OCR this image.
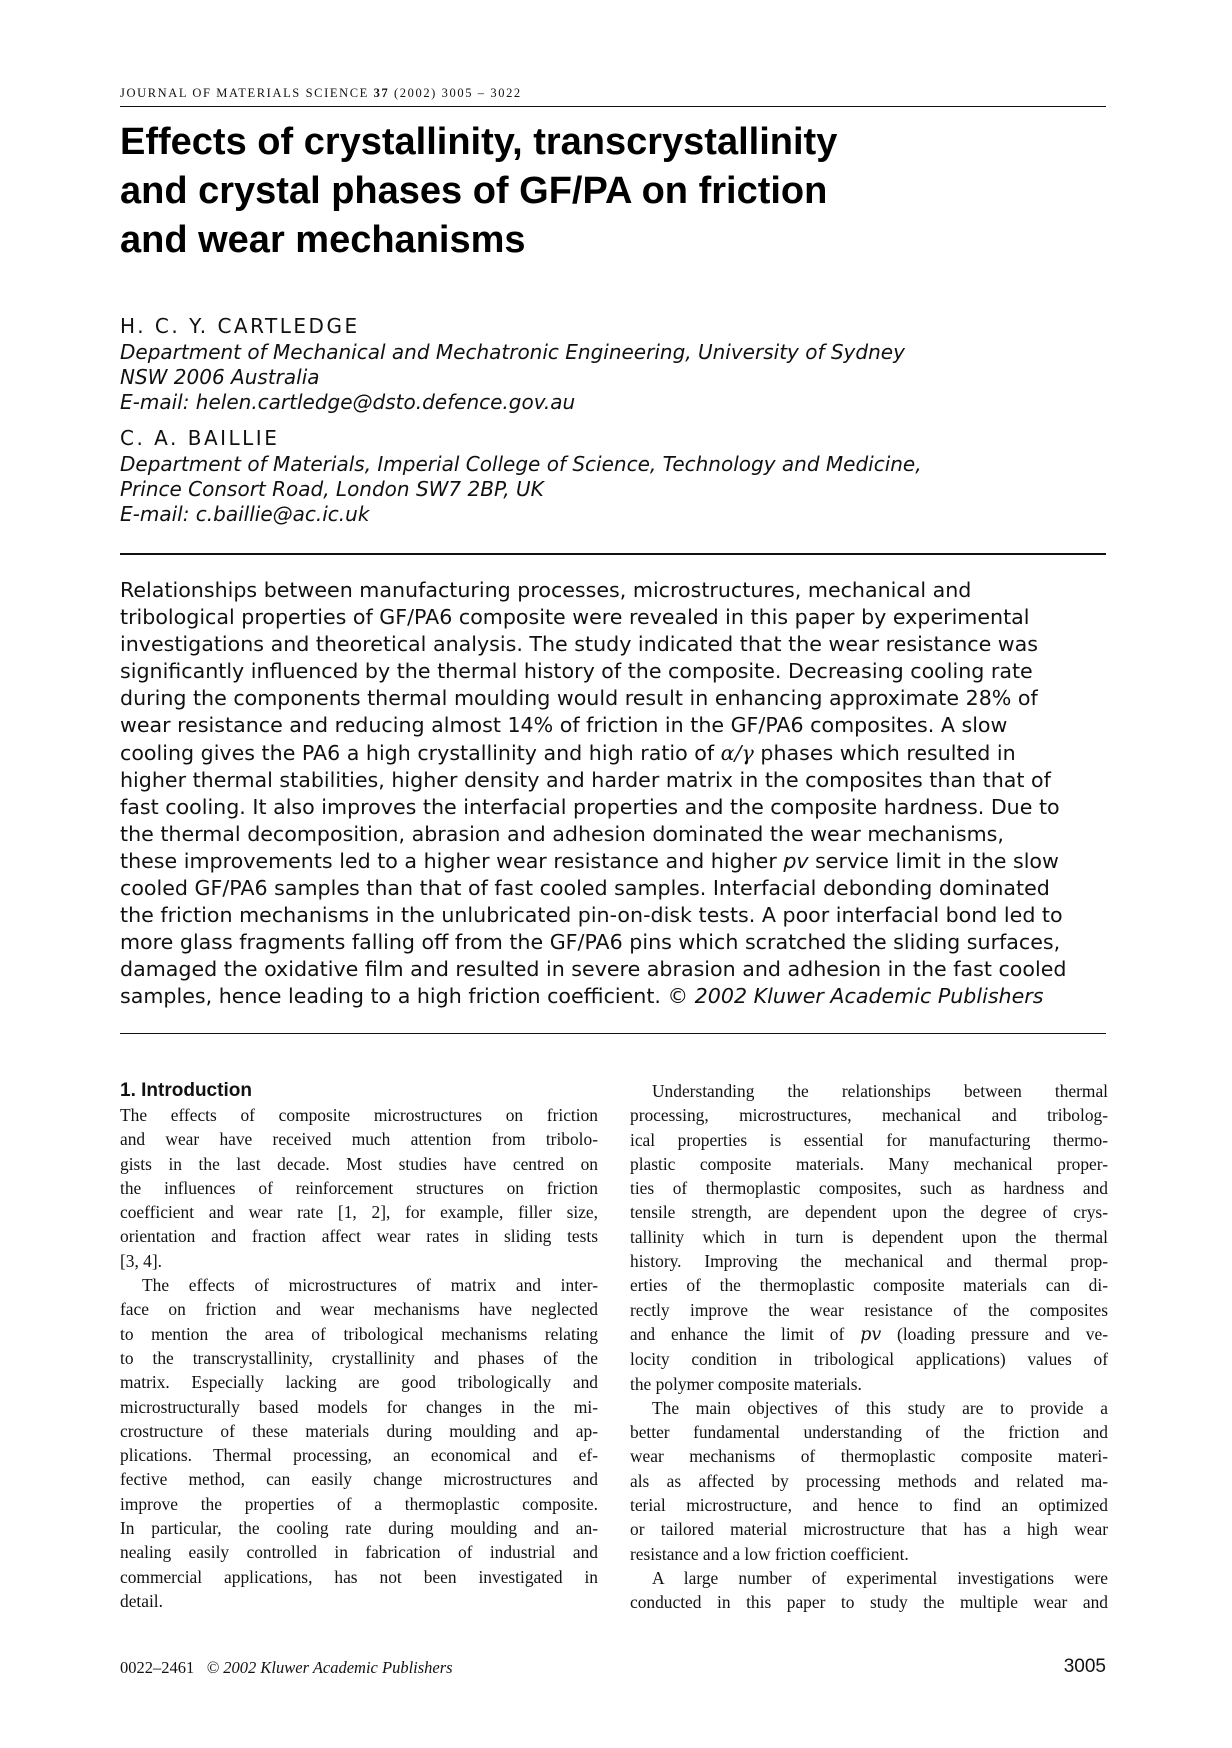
JOURNAL OF MATERIALS SCIENCE 37 (2002) 3005 – 3022
Effects of crystallinity, transcrystallinity
and crystal phases of GF/PA on friction
and wear mechanisms
H. C. Y. CARTLEDGE
Department of Mechanical and Mechatronic Engineering, University of Sydney
NSW 2006 Australia
E-mail: helen.cartledge@dsto.defence.gov.au
C. A. BAILLIE
Department of Materials, Imperial College of Science, Technology and Medicine,
Prince Consort Road, London SW7 2BP, UK
E-mail: c.baillie@ac.ic.uk
Relationships between manufacturing processes, microstructures, mechanical and
tribological properties of GF/PA6 composite were revealed in this paper by experimental
investigations and theoretical analysis. The study indicated that the wear resistance was
significantly influenced by the thermal history of the composite. Decreasing cooling rate
during the components thermal moulding would result in enhancing approximate 28% of
wear resistance and reducing almost 14% of friction in the GF/PA6 composites. A slow
cooling gives the PA6 a high crystallinity and high ratio of α/γ phases which resulted in
higher thermal stabilities, higher density and harder matrix in the composites than that of
fast cooling. It also improves the interfacial properties and the composite hardness. Due to
the thermal decomposition, abrasion and adhesion dominated the wear mechanisms,
these improvements led to a higher wear resistance and higher pv service limit in the slow
cooled GF/PA6 samples than that of fast cooled samples. Interfacial debonding dominated
the friction mechanisms in the unlubricated pin-on-disk tests. A poor interfacial bond led to
more glass fragments falling off from the GF/PA6 pins which scratched the sliding surfaces,
damaged the oxidative film and resulted in severe abrasion and adhesion in the fast cooled
samples, hence leading to a high friction coefficient. © 2002 Kluwer Academic Publishers
1. Introduction
The effects of composite microstructures on friction
and wear have received much attention from tribolo-
gists in the last decade. Most studies have centred on
the influences of reinforcement structures on friction
coefficient and wear rate [1, 2], for example, filler size,
orientation and fraction affect wear rates in sliding tests
[3, 4].
The effects of microstructures of matrix and inter-
face on friction and wear mechanisms have neglected
to mention the area of tribological mechanisms relating
to the transcrystallinity, crystallinity and phases of the
matrix. Especially lacking are good tribologically and
microstructurally based models for changes in the mi-
crostructure of these materials during moulding and ap-
plications. Thermal processing, an economical and ef-
fective method, can easily change microstructures and
improve the properties of a thermoplastic composite.
In particular, the cooling rate during moulding and an-
nealing easily controlled in fabrication of industrial and
commercial applications, has not been investigated in
detail.
Understanding the relationships between thermal
processing, microstructures, mechanical and tribolog-
ical properties is essential for manufacturing thermo-
plastic composite materials. Many mechanical proper-
ties of thermoplastic composites, such as hardness and
tensile strength, are dependent upon the degree of crys-
tallinity which in turn is dependent upon the thermal
history. Improving the mechanical and thermal prop-
erties of the thermoplastic composite materials can di-
rectly improve the wear resistance of the composites
and enhance the limit of pv (loading pressure and ve-
locity condition in tribological applications) values of
the polymer composite materials.
The main objectives of this study are to provide a
better fundamental understanding of the friction and
wear mechanisms of thermoplastic composite materi-
als as affected by processing methods and related ma-
terial microstructure, and hence to find an optimized
or tailored material microstructure that has a high wear
resistance and a low friction coefficient.
A large number of experimental investigations were
conducted in this paper to study the multiple wear and
0022–2461 © 2002 Kluwer Academic Publishers	3005
